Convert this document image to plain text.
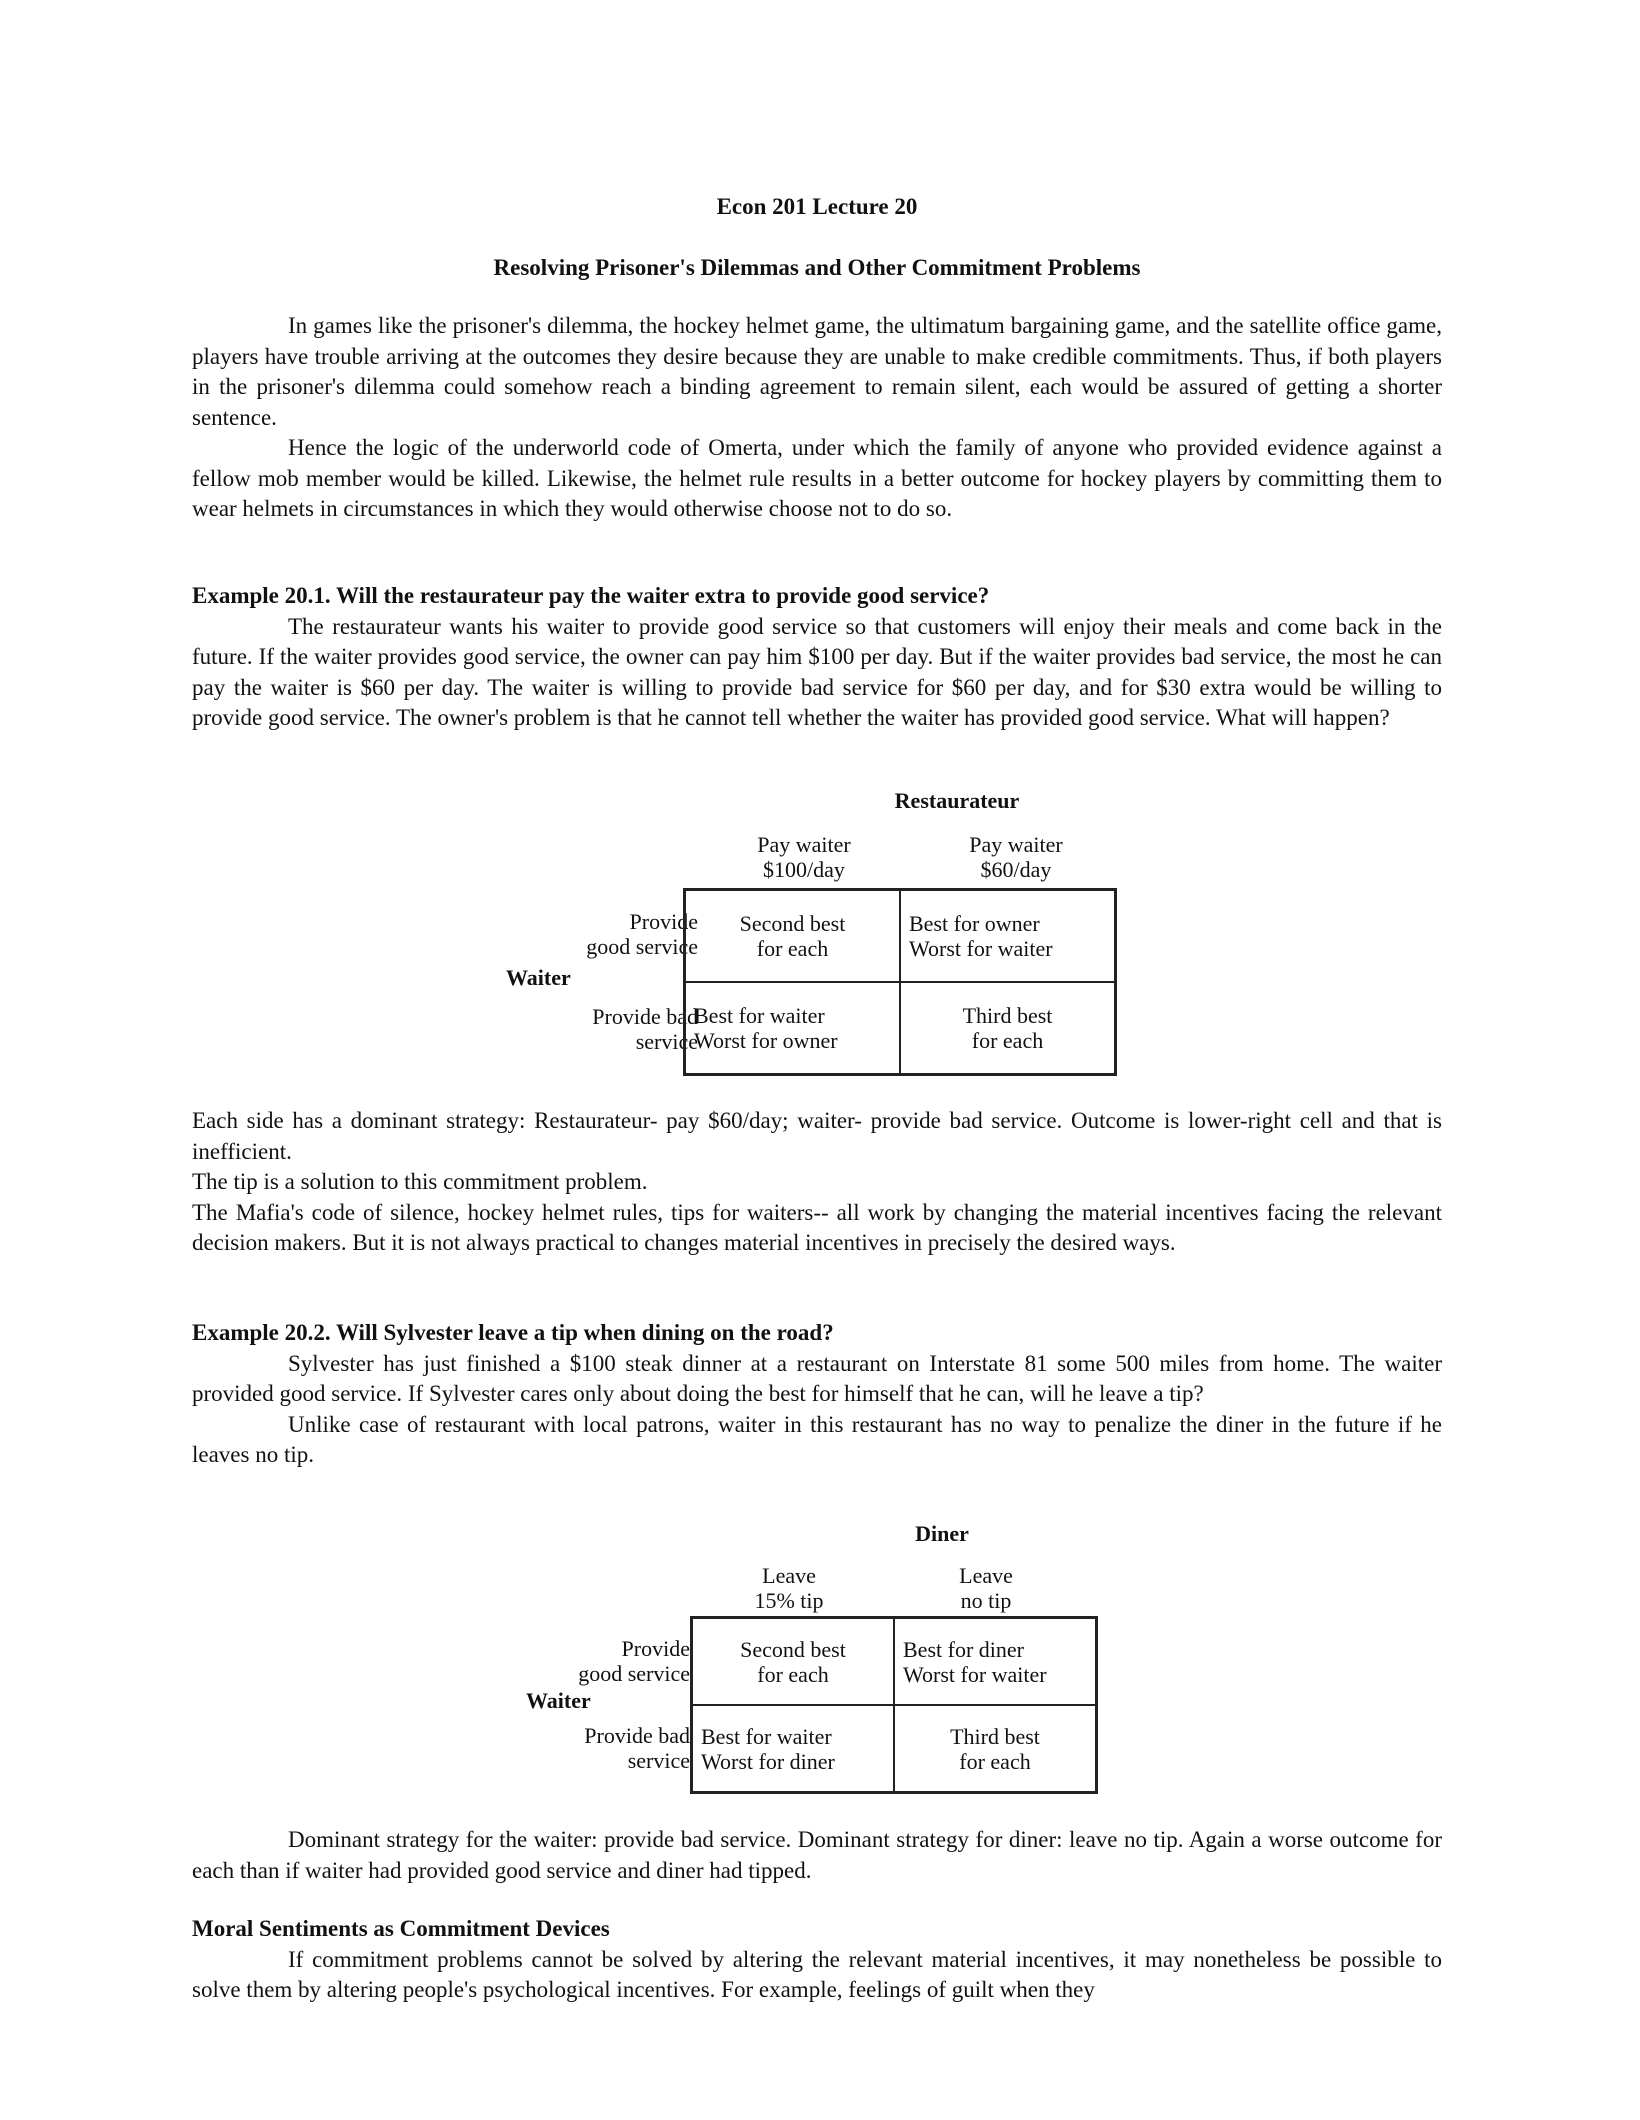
Econ 201 Lecture 20
Resolving Prisoner's Dilemmas and Other Commitment Problems

In games like the prisoner's dilemma, the hockey helmet game, the ultimatum bargaining game, and the satellite office game, players have trouble arriving at the outcomes they desire because they are unable to make credible commitments. Thus, if both players in the prisoner's dilemma could somehow reach a binding agreement to remain silent, each would be assured of getting a shorter sentence.

Hence the logic of the underworld code of Omerta, under which the family of anyone who provided evidence against a fellow mob member would be killed. Likewise, the helmet rule results in a better outcome for hockey players by committing them to wear helmets in circumstances in which they would otherwise choose not to do so.

Example 20.1. Will the restaurateur pay the waiter extra to provide good service?

The restaurateur wants his waiter to provide good service so that customers will enjoy their meals and come back in the future. If the waiter provides good service, the owner can pay him $100 per day. But if the waiter provides bad service, the most he can pay the waiter is $60 per day. The waiter is willing to provide bad service for $60 per day, and for $30 extra would be willing to provide good service. The owner's problem is that he cannot tell whether the waiter has provided good service. What will happen?

Restaurateur
Pay waiter
$100/day
Pay waiter
$60/day
Provide
good service
Waiter
Provide bad
service
Second best
for each
Best for owner
Worst for waiter
Best for waiter
Worst for owner
Third best
for each

Each side has a dominant strategy: Restaurateur- pay $60/day; waiter- provide bad service. Outcome is lower-right cell and that is inefficient.

The tip is a solution to this commitment problem.

The Mafia's code of silence, hockey helmet rules, tips for waiters-- all work by changing the material incentives facing the relevant decision makers. But it is not always practical to changes material incentives in precisely the desired ways.

Example 20.2. Will Sylvester leave a tip when dining on the road?

Sylvester has just finished a $100 steak dinner at a restaurant on Interstate 81 some 500 miles from home. The waiter provided good service. If Sylvester cares only about doing the best for himself that he can, will he leave a tip?

Unlike case of restaurant with local patrons, waiter in this restaurant has no way to penalize the diner in the future if he leaves no tip.

Diner
Leave
15% tip
Leave
no tip
Provide
good service
Waiter
Provide bad
service
Second best
for each
Best for diner
Worst for waiter
Best for waiter
Worst for diner
Third best
for each

Dominant strategy for the waiter: provide bad service. Dominant strategy for diner: leave no tip. Again a worse outcome for each than if waiter had provided good service and diner had tipped.

Moral Sentiments as Commitment Devices

If commitment problems cannot be solved by altering the relevant material incentives, it may nonetheless be possible to solve them by altering people's psychological incentives. For example, feelings of guilt when they
